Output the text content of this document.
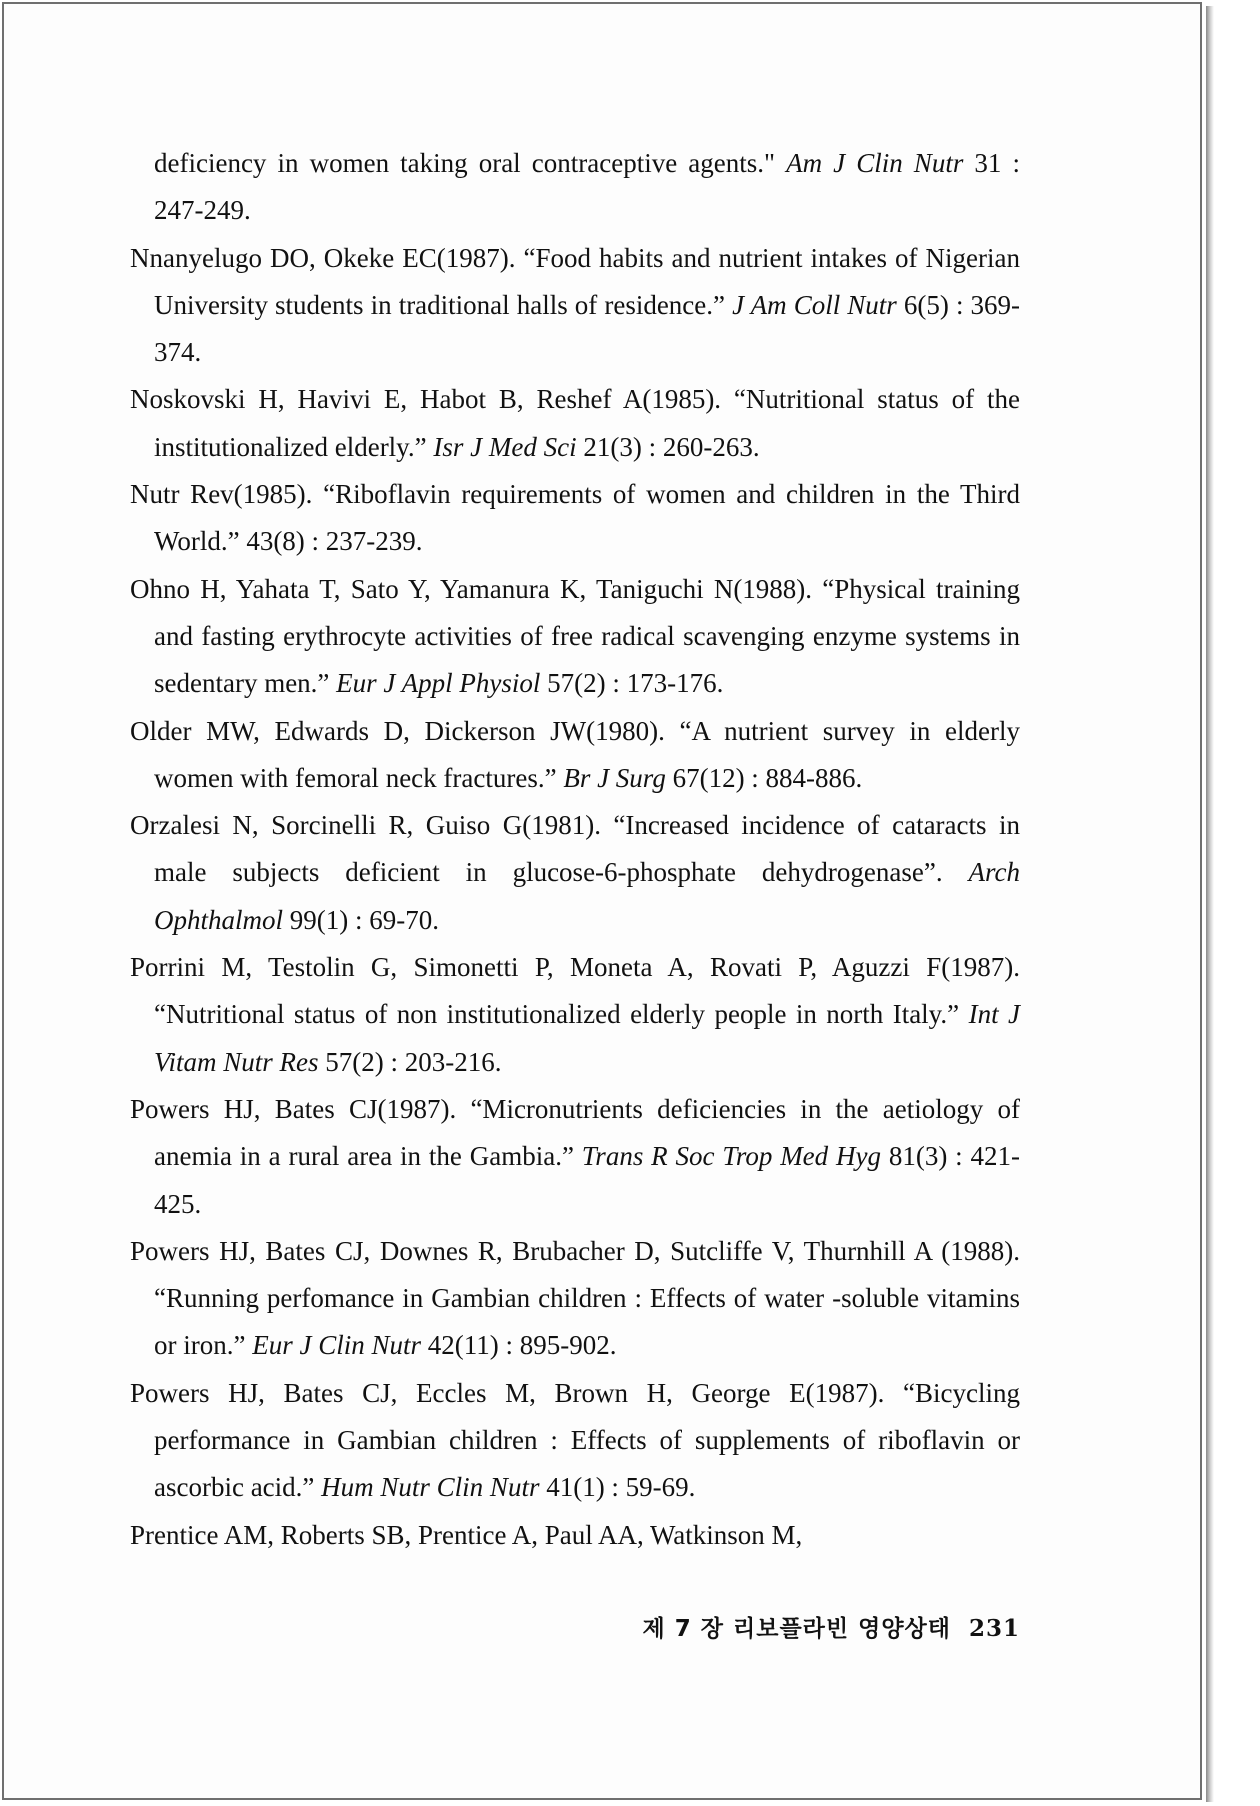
deficiency in women taking oral contraceptive agents." Am J Clin Nutr 31 : 247-249.
Nnanyelugo DO, Okeke EC(1987). “Food habits and nutrient intakes of Nigerian University students in traditional halls of residence.” J Am Coll Nutr 6(5) : 369-374.
Noskovski H, Havivi E, Habot B, Reshef A(1985). “Nutritional status of the institutionalized elderly.” Isr J Med Sci 21(3) : 260-263.
Nutr Rev(1985). “Riboflavin requirements of women and children in the Third World.” 43(8) : 237-239.
Ohno H, Yahata T, Sato Y, Yamanura K, Taniguchi N(1988). “Physical training and fasting erythrocyte activities of free radical scavenging enzyme systems in sedentary men.” Eur J Appl Physiol 57(2) : 173-176.
Older MW, Edwards D, Dickerson JW(1980). “A nutrient survey in elderly women with femoral neck fractures.” Br J Surg 67(12) : 884-886.
Orzalesi N, Sorcinelli R, Guiso G(1981). “Increased incidence of cataracts in male subjects deficient in glucose-6-phosphate dehydrogenase”. Arch Ophthalmol 99(1) : 69-70.
Porrini M, Testolin G, Simonetti P, Moneta A, Rovati P, Aguzzi F(1987). “Nutritional status of non institutionalized elderly people in north Italy.” Int J Vitam Nutr Res 57(2) : 203-216.
Powers HJ, Bates CJ(1987). “Micronutrients deficiencies in the aetiology of anemia in a rural area in the Gambia.” Trans R Soc Trop Med Hyg 81(3) : 421-425.
Powers HJ, Bates CJ, Downes R, Brubacher D, Sutcliffe V, Thurnhill A (1988). “Running perfomance in Gambian children : Effects of water -soluble vitamins or iron.” Eur J Clin Nutr 42(11) : 895-902.
Powers HJ, Bates CJ, Eccles M, Brown H, George E(1987). “Bicycling performance in Gambian children : Effects of supplements of riboflavin or ascorbic acid.” Hum Nutr Clin Nutr 41(1) : 59-69.
Prentice AM, Roberts SB, Prentice A, Paul AA, Watkinson M,
제 7 장 리보플라빈 영양상태 231
